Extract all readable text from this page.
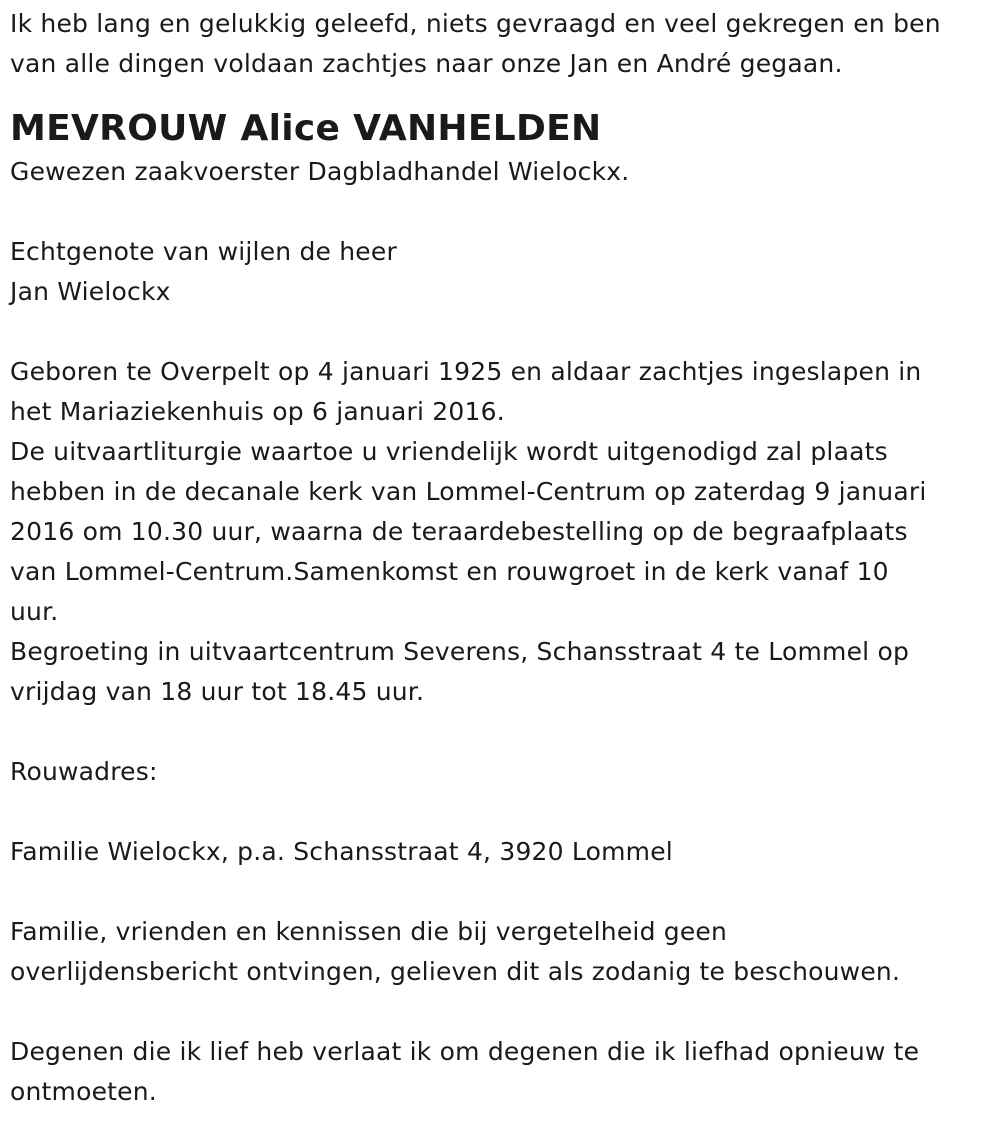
Ik heb lang en gelukkig geleefd, niets gevraagd en veel gekregen en ben

van alle dingen voldaan zachtjes naar onze Jan en André gegaan.

MEVROUW Alice VANHELDEN

Gewezen zaakvoerster Dagbladhandel Wielockx.

Echtgenote van wijlen de heer

Jan Wielockx

Geboren te Overpelt op 4 januari 1925 en aldaar zachtjes ingeslapen in

het Mariaziekenhuis op 6 januari 2016.

De uitvaartliturgie waartoe u vriendelijk wordt uitgenodigd zal plaats

hebben in de decanale kerk van Lommel-Centrum op zaterdag 9 januari

2016 om 10.30 uur, waarna de teraardebestelling op de begraafplaats

van Lommel-Centrum.Samenkomst en rouwgroet in de kerk vanaf 10

uur.

Begroeting in uitvaartcentrum Severens, Schansstraat 4 te Lommel op

vrijdag van 18 uur tot 18.45 uur.

Rouwadres:

Familie Wielockx, p.a. Schansstraat 4, 3920 Lommel

Familie, vrienden en kennissen die bij vergetelheid geen

overlijdensbericht ontvingen, gelieven dit als zodanig te beschouwen.

Degenen die ik lief heb verlaat ik om degenen die ik liefhad opnieuw te

ontmoeten.
